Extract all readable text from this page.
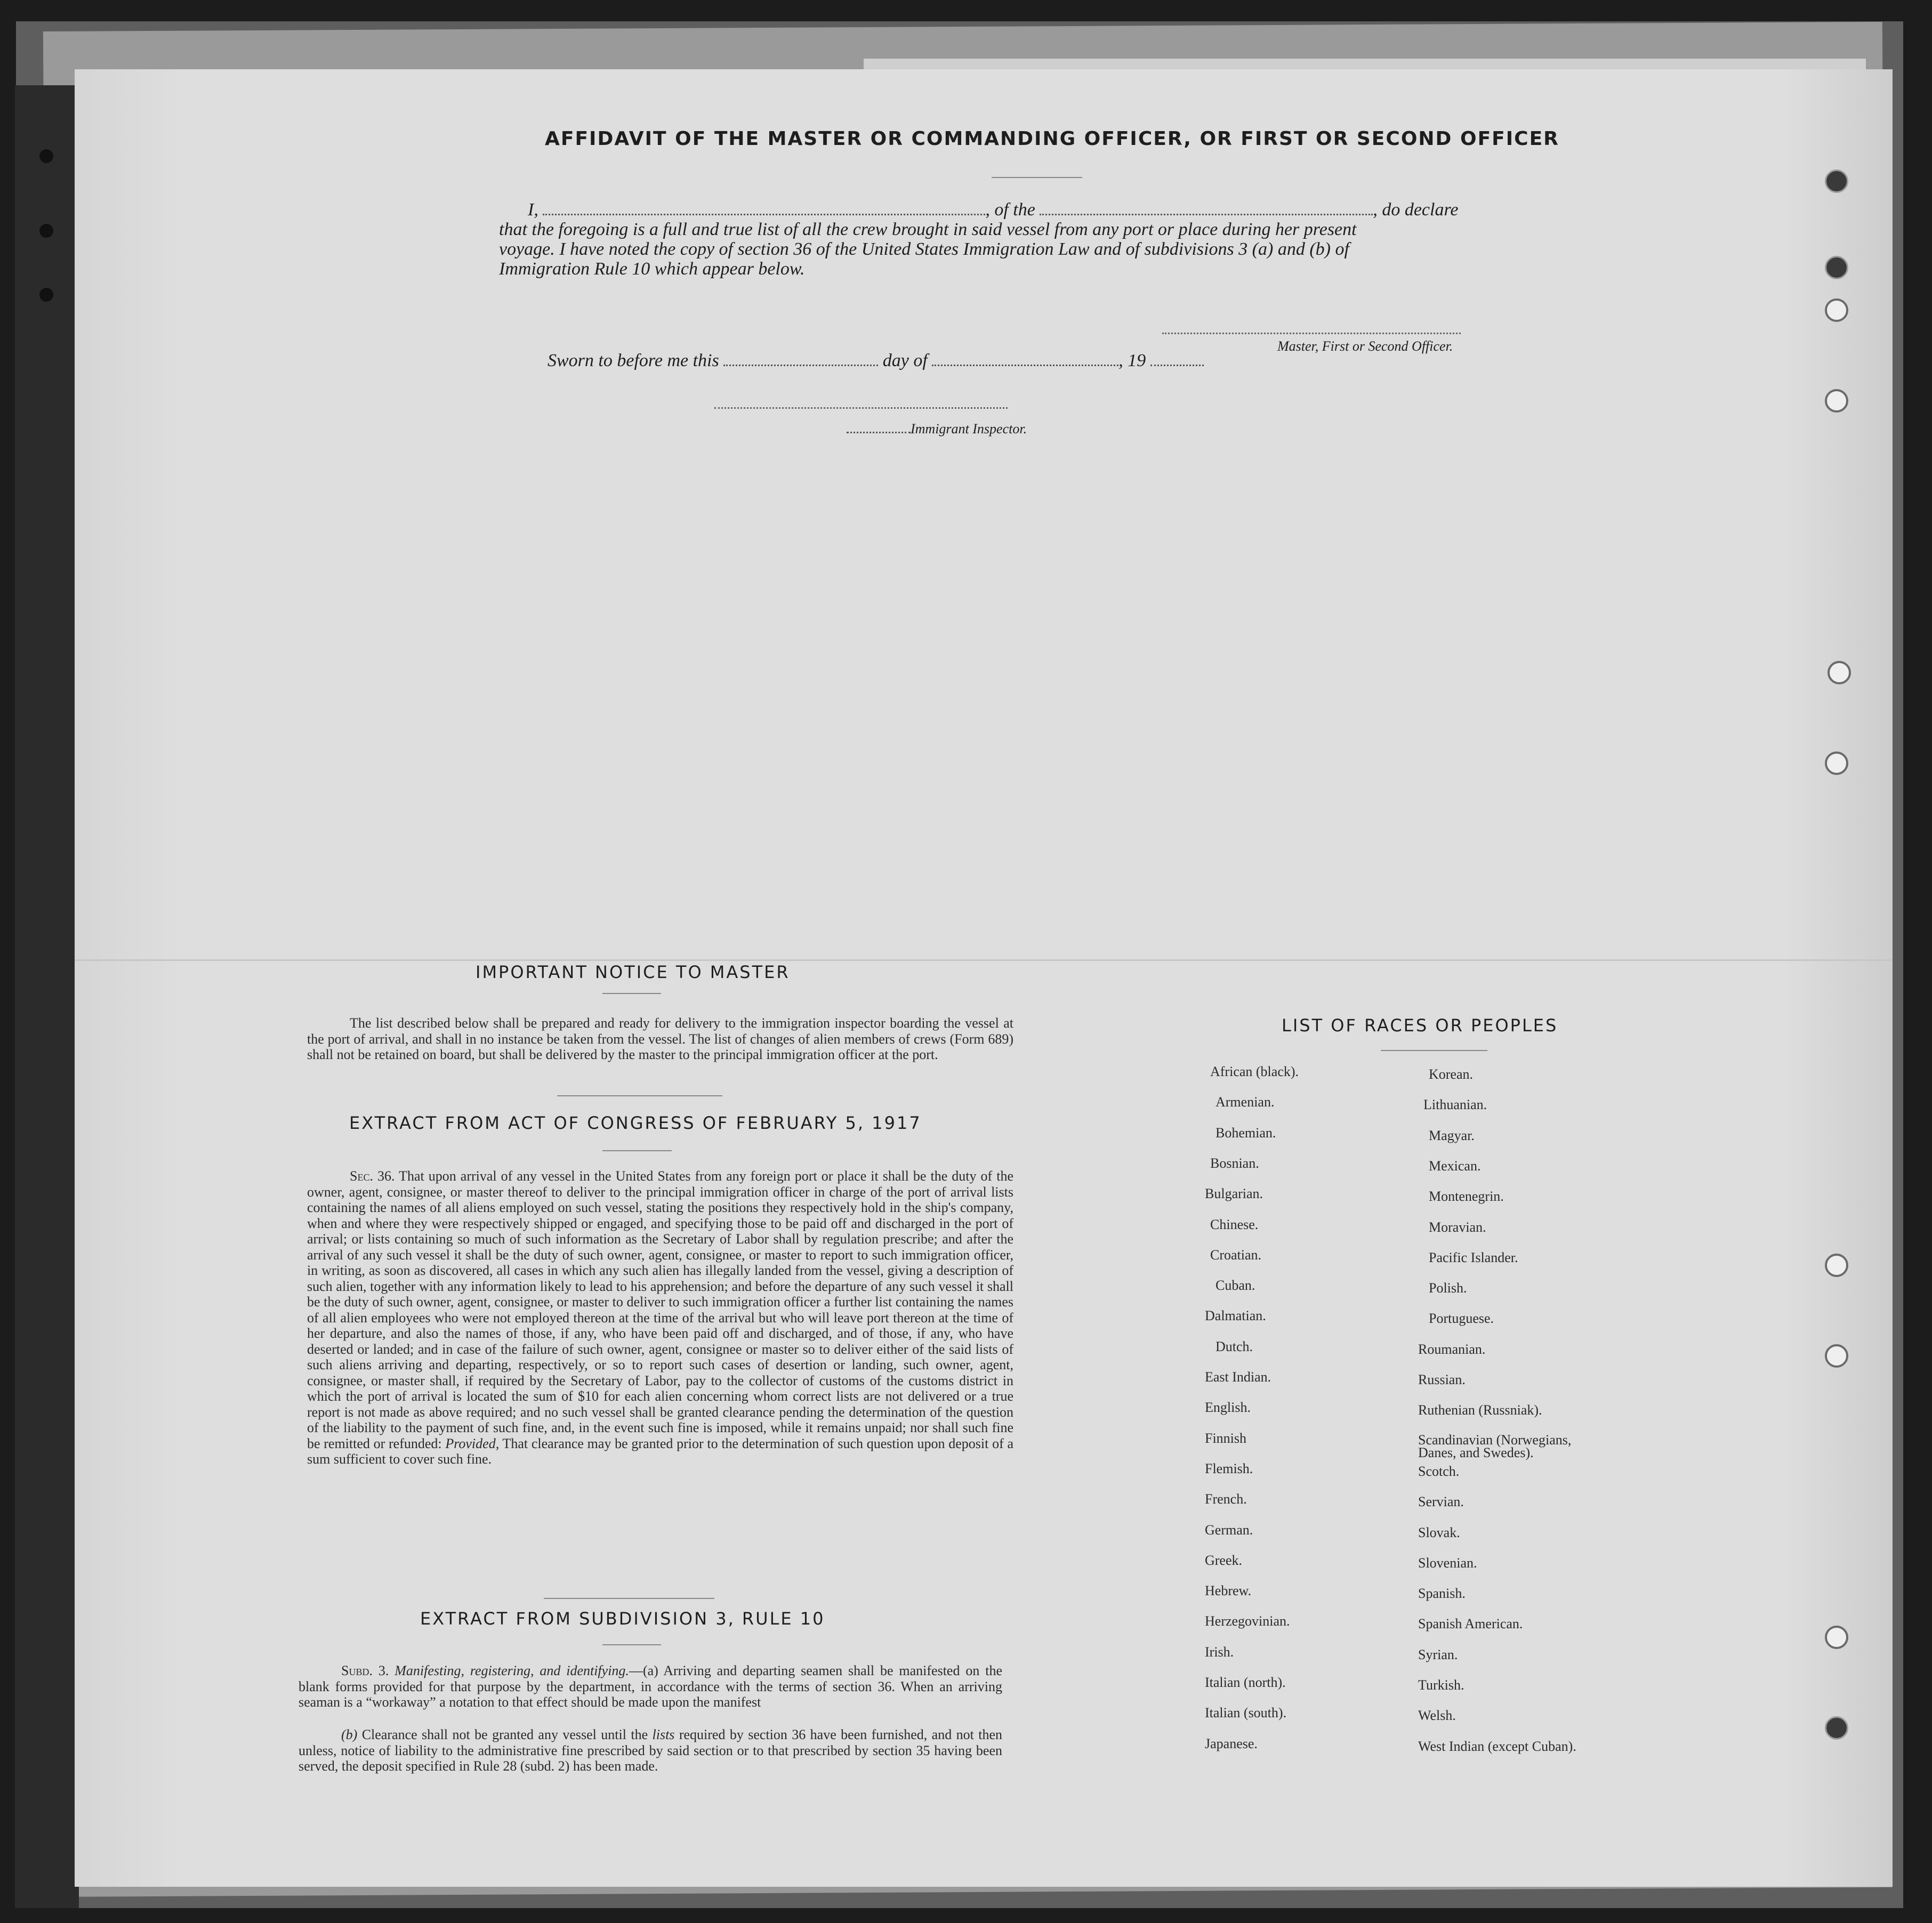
AFFIDAVIT OF THE MASTER OR COMMANDING OFFICER, OR FIRST OR SECOND OFFICER
I,	, of the	, do declare
that the foregoing is a full and true list of all the crew brought in said vessel from any port or place during her present
voyage. I have noted the copy of section 36 of the United States Immigration Law and of subdivisions 3 (a) and (b) of
Immigration Rule 10 which appear below.
Master, First or Second Officer.
Sworn to before me this	day of	, 19
Immigrant Inspector.
IMPORTANT NOTICE TO MASTER
The list described below shall be prepared and ready for delivery to the immigration inspector boarding the vessel at the port of arrival, and shall in no instance be taken from the vessel. The list of changes of alien members of crews (Form 689) shall not be retained on board, but shall be delivered by the master to the principal immigration officer at the port.
EXTRACT FROM ACT OF CONGRESS OF FEBRUARY 5, 1917
Sec. 36. That upon arrival of any vessel in the United States from any foreign port or place it shall be the duty of the owner, agent, consignee, or master thereof to deliver to the principal immigration officer in charge of the port of arrival lists containing the names of all aliens employed on such vessel, stating the positions they respectively hold in the ship's company, when and where they were respectively shipped or engaged, and specifying those to be paid off and discharged in the port of arrival; or lists containing so much of such information as the Secretary of Labor shall by regulation prescribe; and after the arrival of any such vessel it shall be the duty of such owner, agent, consignee, or master to report to such immigration officer, in writing, as soon as discovered, all cases in which any such alien has illegally landed from the vessel, giving a description of such alien, together with any information likely to lead to his apprehension; and before the departure of any such vessel it shall be the duty of such owner, agent, consignee, or master to deliver to such immigration officer a further list containing the names of all alien employees who were not employed thereon at the time of the arrival but who will leave port thereon at the time of her departure, and also the names of those, if any, who have been paid off and discharged, and of those, if any, who have deserted or landed; and in case of the failure of such owner, agent, consignee or master so to deliver either of the said lists of such aliens arriving and departing, respectively, or so to report such cases of desertion or landing, such owner, agent, consignee, or master shall, if required by the Secretary of Labor, pay to the collector of customs of the customs district in which the port of arrival is located the sum of $10 for each alien concerning whom correct lists are not delivered or a true report is not made as above required; and no such vessel shall be granted clearance pending the determination of the question of the liability to the payment of such fine, and, in the event such fine is imposed, while it remains unpaid; nor shall such fine be remitted or refunded: Provided, That clearance may be granted prior to the determination of such question upon deposit of a sum sufficient to cover such fine.
EXTRACT FROM SUBDIVISION 3, RULE 10
Subd. 3. Manifesting, registering, and identifying.—(a) Arriving and departing seamen shall be manifested on the blank forms provided for that purpose by the department, in accordance with the terms of section 36. When an arriving seaman is a “workaway” a notation to that effect should be made upon the manifest
(b) Clearance shall not be granted any vessel until the lists required by section 36 have been furnished, and not then unless, notice of liability to the administrative fine prescribed by said section or to that prescribed by section 35 having been served, the deposit specified in Rule 28 (subd. 2) has been made.
LIST OF RACES OR PEOPLES
African (black).
Armenian.
Bohemian.
Bosnian.
Bulgarian.
Chinese.
Croatian.
Cuban.
Dalmatian.
Dutch.
East Indian.
English.
Finnish
Flemish.
French.
German.
Greek.
Hebrew.
Herzegovinian.
Irish.
Italian (north).
Italian (south).
Japanese.
Korean.
Lithuanian.
Magyar.
Mexican.
Montenegrin.
Moravian.
Pacific Islander.
Polish.
Portuguese.
Roumanian.
Russian.
Ruthenian (Russniak).
Scandinavian (Norwegians, Danes, and Swedes).
Scotch.
Servian.
Slovak.
Slovenian.
Spanish.
Spanish American.
Syrian.
Turkish.
Welsh.
West Indian (except Cuban).
